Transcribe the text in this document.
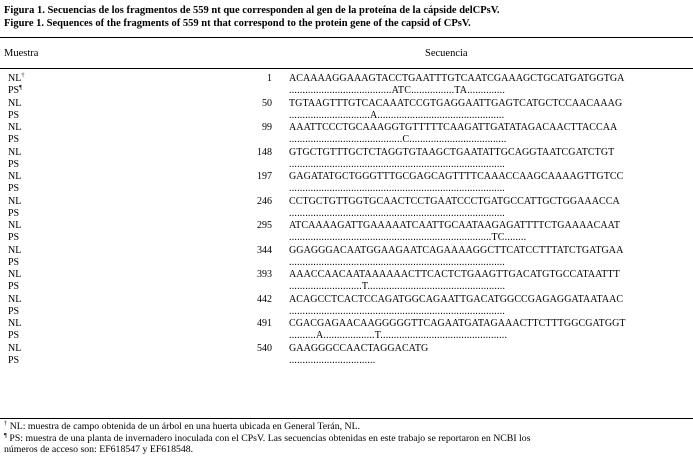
Figura 1. Secuencias de los fragmentos de 559 nt que corresponden al gen de la proteína de la cápside delCPsV.
Figure 1. Sequences of the fragments of 559 nt that correspond to the protein gene of the capsid of CPsV.
Muestra	Secuencia
NL†	1 ACAAAAGGAAAGTACCTGAATTTGTCAATCGAAAGCTGCATGATGGTGA
PS¶	......................................ATC................TA..............
NL	50 TGTAAGTTTGTCACAAATCCGTGAGGAATTGAGTCATGCTCCAACAAAG
PS	..............................A...............................................
NL	99 AAATTCCCTGCAAAGGTGTTTTTCAAGATTGATATAGACAACTTACCAA
PS	..........................................C....................................
NL	148 GTGCTGTTTGCTCTAGGTGTAAGCTGAATATTGCAGGTAATCGATCTGT
PS	................................................................................
NL	197 GAGATATGCTGGGTTTGCGAGCAGTTTTCAAACCAAGCAAAAGTTGTCC
PS	................................................................................
NL	246 CCTGCTGTTGGTGCAACTCCTGAATCCCTGATGCCATTGCTGGAAACCA
PS	................................................................................
NL	295 ATCAAAAGATTGAAAAATCAATTGCAATAAGAGATTTTCTGAAAACAAT
PS	...........................................................................TC........
NL	344 GGAGGGACAATGGAAGAATCAGAAAAGGCTTCATCCTTTATCTGATGAA
PS	................................................................................
NL	393 AAACCAACAATAAAAAACTTCACTCTGAAGTTGACATGTGCCATAATTT
PS	...........................T...................................................
NL	442 ACAGCCTCACTCCAGATGGCAGAATTGACATGGCCGAGAGGATAATAAC
PS	................................................................................
NL	491 CGACGAGAACAAGGGGGTTCAGAATGATAGAAACTTCTTTGGCGATGGT
PS	..........A...................T...............................................
NL	540 GAAGGGCCAACTAGGACATG
PS	................................
† NL: muestra de campo obtenida de un árbol en una huerta ubicada en General Terán, NL.
¶ PS: muestra de una planta de invernadero inoculada con el CPsV. Las secuencias obtenidas en este trabajo se reportaron en NCBI los
números de acceso son: EF618547 y EF618548.
